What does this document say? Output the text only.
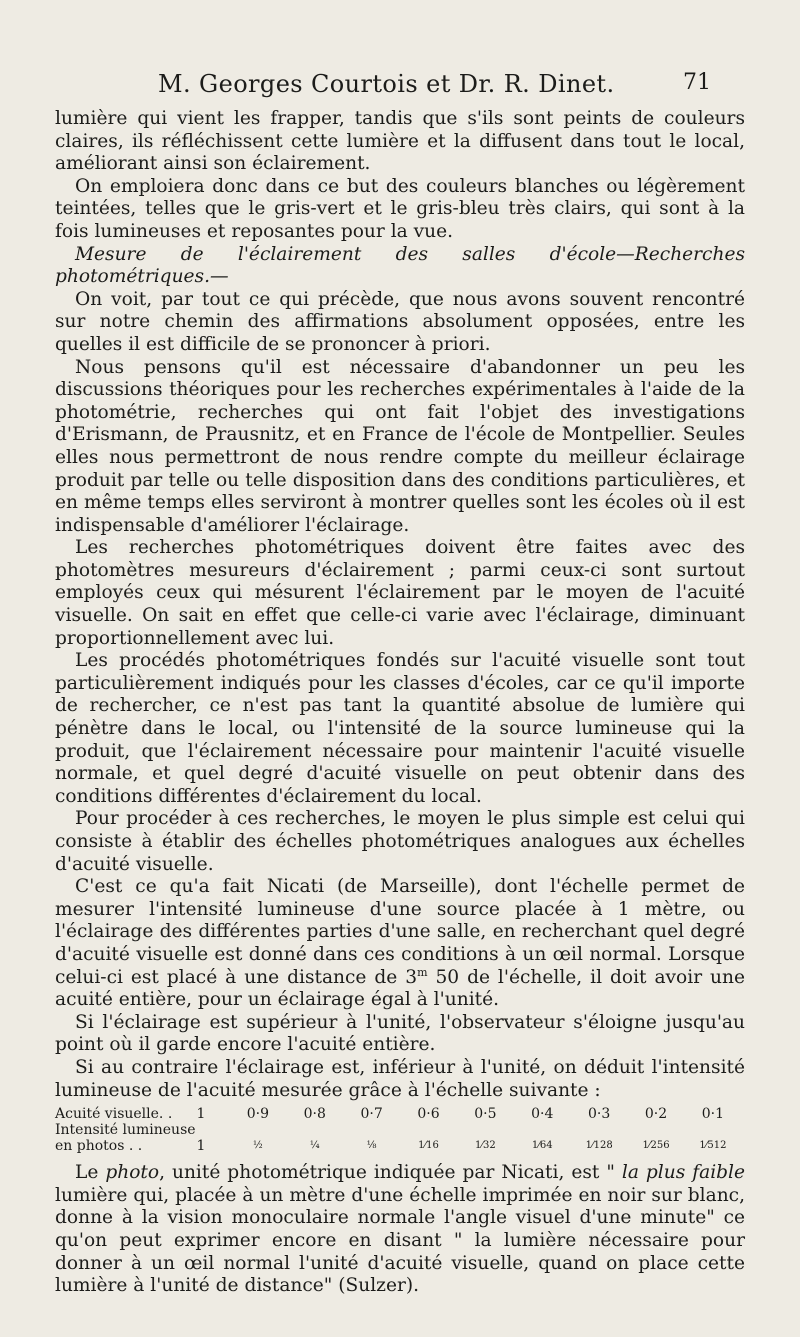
M. Georges Courtois et Dr. R. Dinet.	71

lumière qui vient les frapper, tandis que s'ils sont peints de couleurs claires, ils réfléchissent cette lumière et la diffusent dans tout le local, améliorant ainsi son éclairement.

On emploiera donc dans ce but des couleurs blanches ou légèrement teintées, telles que le gris-vert et le gris-bleu très clairs, qui sont à la fois lumineuses et reposantes pour la vue.

Mesure de l'éclairement des salles d'école—Recherches photométriques.—

On voit, par tout ce qui précède, que nous avons souvent rencontré sur notre chemin des affirmations absolument opposées, entre les quelles il est difficile de se prononcer à priori.

Nous pensons qu'il est nécessaire d'abandonner un peu les discussions théoriques pour les recherches expérimentales à l'aide de la photométrie, recherches qui ont fait l'objet des investigations d'Erismann, de Prausnitz, et en France de l'école de Montpellier. Seules elles nous permettront de nous rendre compte du meilleur éclairage produit par telle ou telle disposition dans des conditions particulières, et en même temps elles serviront à montrer quelles sont les écoles où il est indispensable d'améliorer l'éclairage.

Les recherches photométriques doivent être faites avec des photomètres mesureurs d'éclairement ; parmi ceux-ci sont surtout employés ceux qui mésurent l'éclairement par le moyen de l'acuité visuelle. On sait en effet que celle-ci varie avec l'éclairage, diminuant proportionnellement avec lui.

Les procédés photométriques fondés sur l'acuité visuelle sont tout particulièrement indiqués pour les classes d'écoles, car ce qu'il importe de rechercher, ce n'est pas tant la quantité absolue de lumière qui pénètre dans le local, ou l'intensité de la source lumineuse qui la produit, que l'éclairement nécessaire pour maintenir l'acuité visuelle normale, et quel degré d'acuité visuelle on peut obtenir dans des conditions différentes d'éclairement du local.

Pour procéder à ces recherches, le moyen le plus simple est celui qui consiste à établir des échelles photométriques analogues aux échelles d'acuité visuelle.

C'est ce qu'a fait Nicati (de Marseille), dont l'échelle permet de mesurer l'intensité lumineuse d'une source placée à 1 mètre, ou l'éclairage des différentes parties d'une salle, en recherchant quel degré d'acuité visuelle est donné dans ces conditions à un œil normal. Lorsque celui-ci est placé à une distance de 3$^m$ 50 de l'échelle, il doit avoir une acuité entière, pour un éclairage égal à l'unité.

Si l'éclairage est supérieur à l'unité, l'observateur s'éloigne jusqu'au point où il garde encore l'acuité entière.

Si au contraire l'éclairage est, inférieur à l'unité, on déduit l'intensité lumineuse de l'acuité mesurée grâce à l'échelle suivante :

Acuité visuelle. .	1	0·9	0·8	0·7	0·6	0·5	0·4	0·3	0·2	0·1
Intensité lumineuse
en photos . .	1	½	¼	⅛	1⁄16	1⁄32	1⁄64	1⁄128	1⁄256	1⁄512

Le photo, unité photométrique indiquée par Nicati, est " la plus faible lumière qui, placée à un mètre d'une échelle imprimée en noir sur blanc, donne à la vision monoculaire normale l'angle visuel d'une minute" ce qu'on peut exprimer encore en disant " la lumière nécessaire pour donner à un œil normal l'unité d'acuité visuelle, quand on place cette lumière à l'unité de distance" (Sulzer).
